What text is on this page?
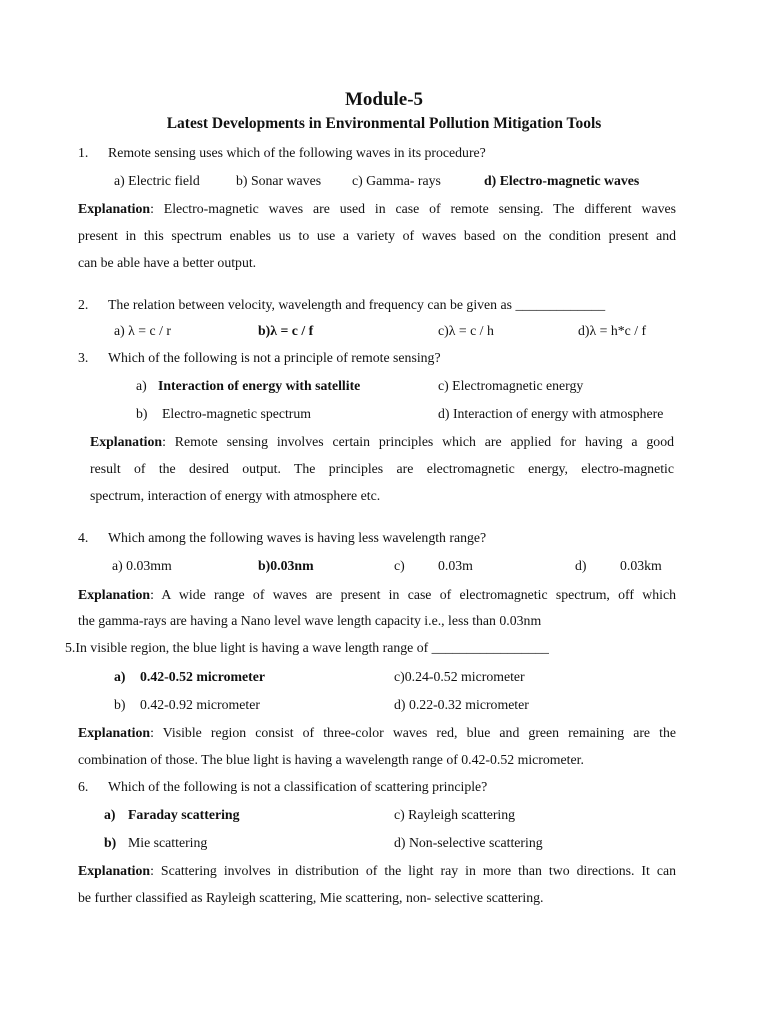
Module-5
Latest Developments in Environmental Pollution Mitigation Tools
1. Remote sensing uses which of the following waves in its procedure?
a) Electric field	b) Sonar waves c) Gamma- rays	d) Electro-magnetic waves
Explanation: Electro-magnetic waves are used in case of remote sensing. The different waves
present in this spectrum enables us to use a variety of waves based on the condition present and
can be able have a better output.
2. The relation between velocity, wavelength and frequency can be given as _____________
a) λ = c / r	b)λ = c / f	c)λ = c / h	d)λ = h*c / f
3. Which of the following is not a principle of remote sensing?
a) Interaction of energy with satellite	c) Electromagnetic energy
b) Electro-magnetic spectrum	d) Interaction of energy with atmosphere
Explanation: Remote sensing involves certain principles which are applied for having a good
result of the desired output. The principles are electromagnetic energy, electro-magnetic
spectrum, interaction of energy with atmosphere etc.
4. Which among the following waves is having less wavelength range?
a) 0.03mm	b)0.03nm	c) 0.03m	d) 0.03km
Explanation: A wide range of waves are present in case of electromagnetic spectrum, off which
the gamma-rays are having a Nano level wave length capacity i.e., less than 0.03nm
5.In visible region, the blue light is having a wave length range of _________________
a) 0.42-0.52 micrometer	c)0.24-0.52 micrometer
b) 0.42-0.92 micrometer	d) 0.22-0.32 micrometer
Explanation: Visible region consist of three-color waves red, blue and green remaining are the
combination of those. The blue light is having a wavelength range of 0.42-0.52 micrometer.
6. Which of the following is not a classification of scattering principle?
a) Faraday scattering	c) Rayleigh scattering
b) Mie scattering	d) Non-selective scattering
Explanation: Scattering involves in distribution of the light ray in more than two directions. It can
be further classified as Rayleigh scattering, Mie scattering, non- selective scattering.
